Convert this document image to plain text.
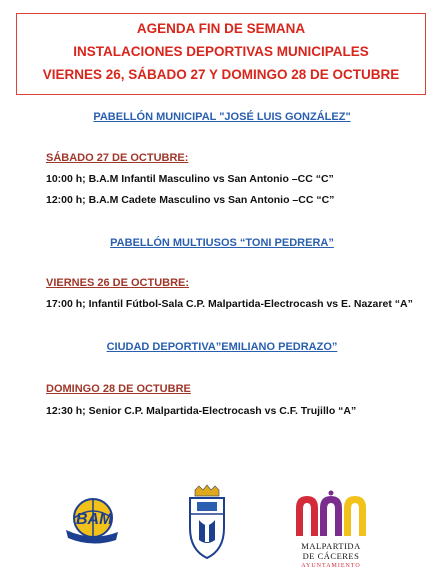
AGENDA FIN DE SEMANA
INSTALACIONES DEPORTIVAS MUNICIPALES
VIERNES 26, SÁBADO 27 Y DOMINGO 28 DE OCTUBRE
PABELLÓN MUNICIPAL "JOSÉ LUIS GONZÁLEZ"
SÁBADO 27 DE OCTUBRE:
10:00 h; B.A.M Infantil Masculino vs San Antonio –CC “C”
12:00 h; B.A.M Cadete Masculino vs San Antonio –CC “C”
PABELLÓN MULTIUSOS “TONI PEDRERA”
VIERNES 26 DE OCTUBRE:
17:00 h; Infantil Fútbol-Sala C.P. Malpartida-Electrocash vs E. Nazaret “A”
CIUDAD DEPORTIVA”EMILIANO PEDRAZO”
DOMINGO 28 DE OCTUBRE
12:30 h; Senior C.P. Malpartida-Electrocash vs C.F. Trujillo “A”
BAM
MALPARTIDA
DE CÁCERES
AYUNTAMIENTO
